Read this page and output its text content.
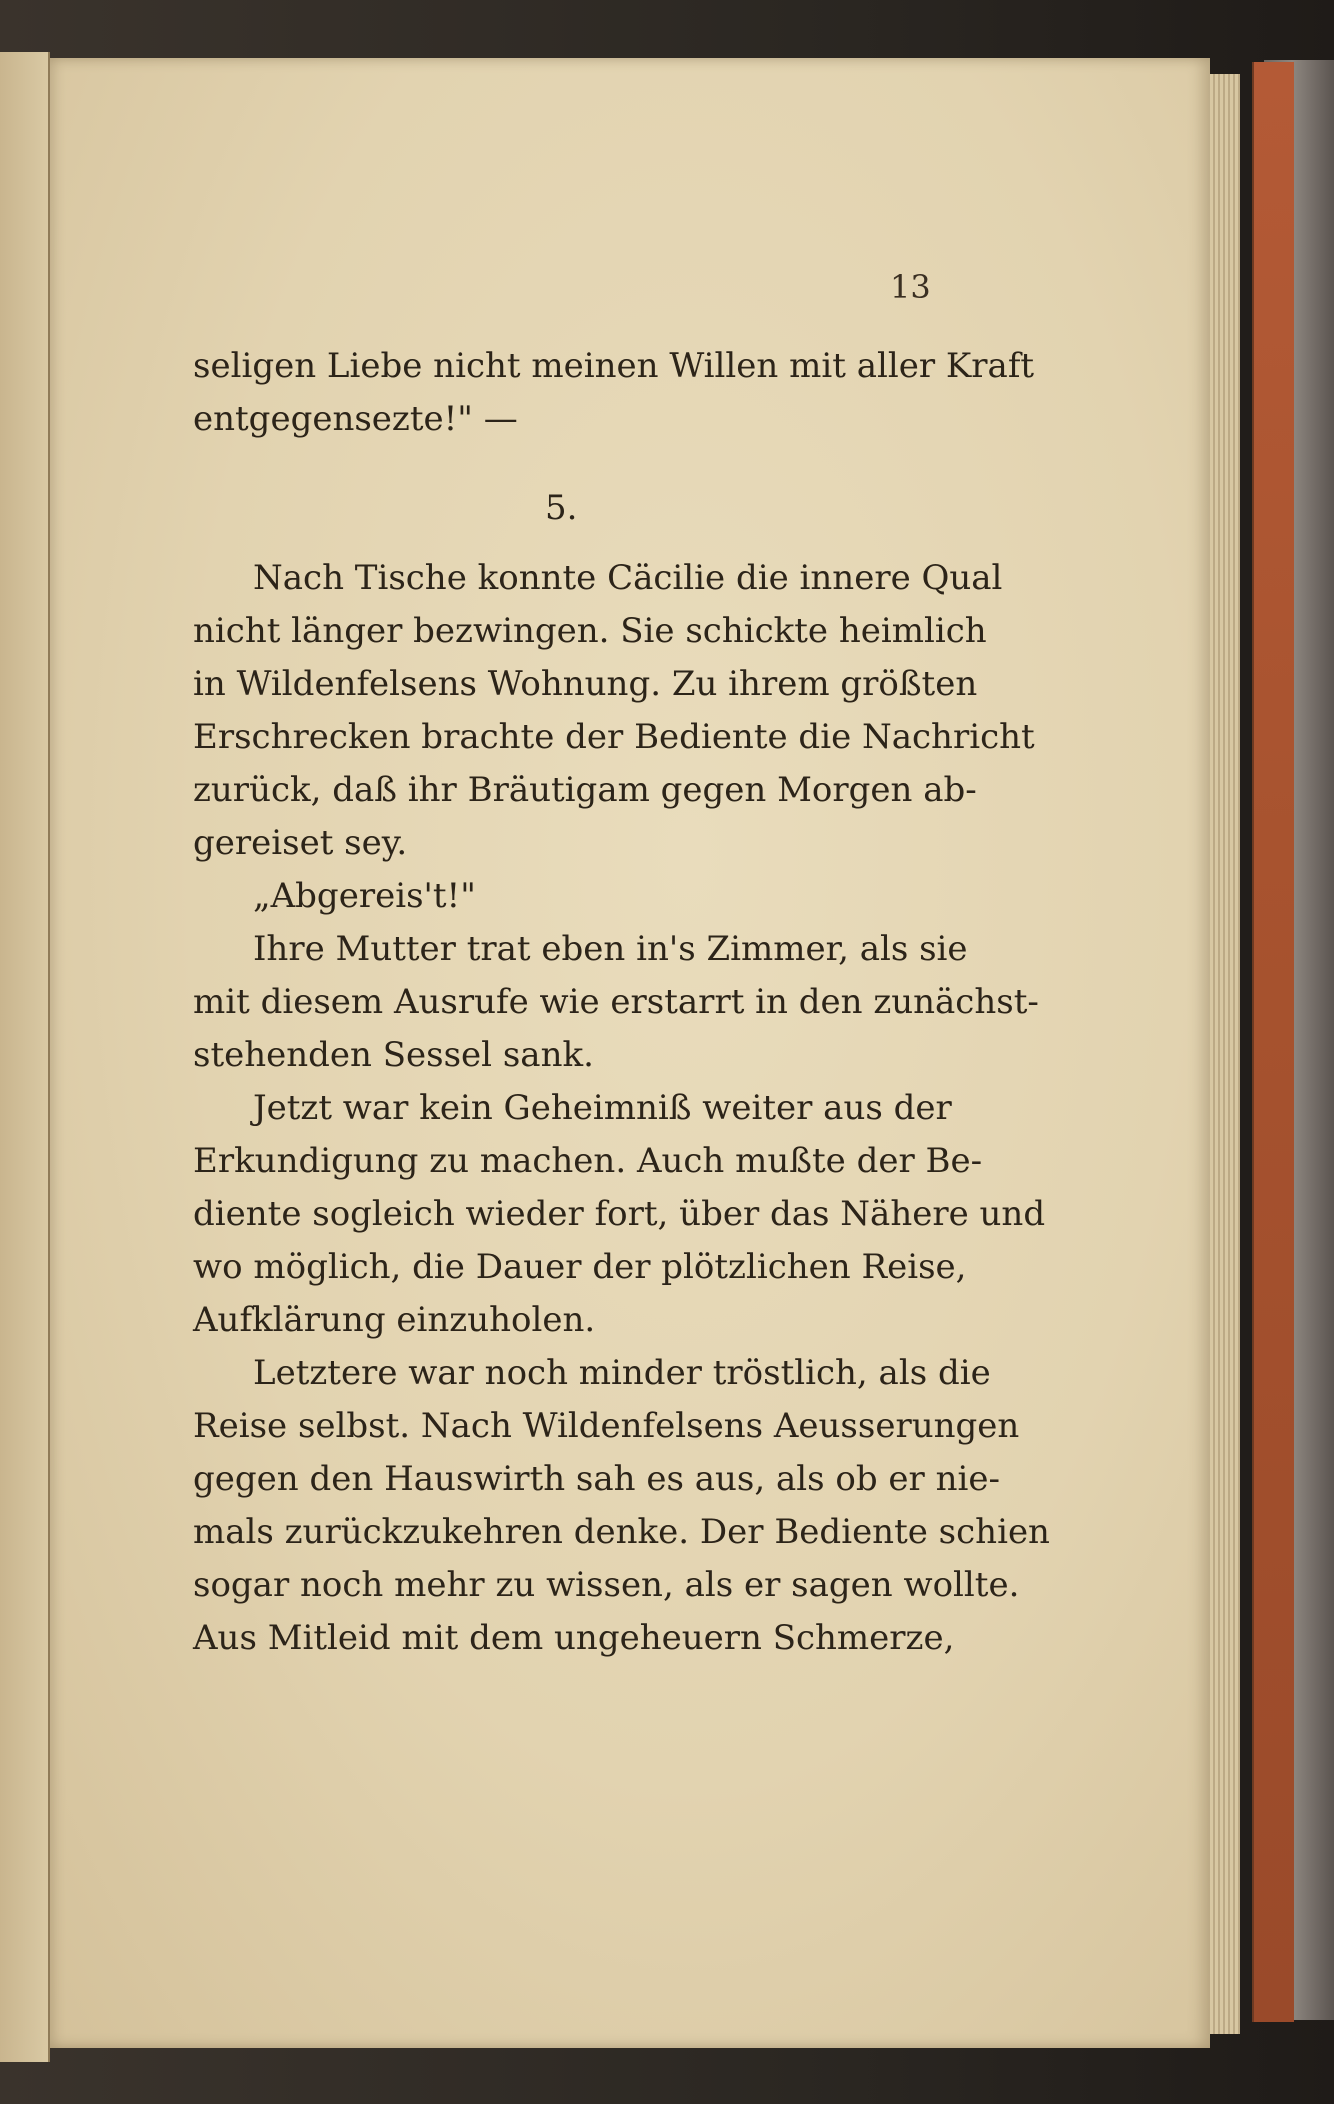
13
seligen Liebe nicht meinen Willen mit aller Kraft
entgegensezte!" —
5.
Nach Tische konnte Cäcilie die innere Qual
nicht länger bezwingen. Sie schickte heimlich
in Wildenfelsens Wohnung. Zu ihrem größten
Erschrecken brachte der Bediente die Nachricht
zurück, daß ihr Bräutigam gegen Morgen ab-
gereiset sey.
„Abgereis't!"
Ihre Mutter trat eben in's Zimmer, als sie
mit diesem Ausrufe wie erstarrt in den zunächst-
stehenden Sessel sank.
Jetzt war kein Geheimniß weiter aus der
Erkundigung zu machen. Auch mußte der Be-
diente sogleich wieder fort, über das Nähere und
wo möglich, die Dauer der plötzlichen Reise,
Aufklärung einzuholen.
Letztere war noch minder tröstlich, als die
Reise selbst. Nach Wildenfelsens Aeusserungen
gegen den Hauswirth sah es aus, als ob er nie-
mals zurückzukehren denke. Der Bediente schien
sogar noch mehr zu wissen, als er sagen wollte.
Aus Mitleid mit dem ungeheuern Schmerze,
